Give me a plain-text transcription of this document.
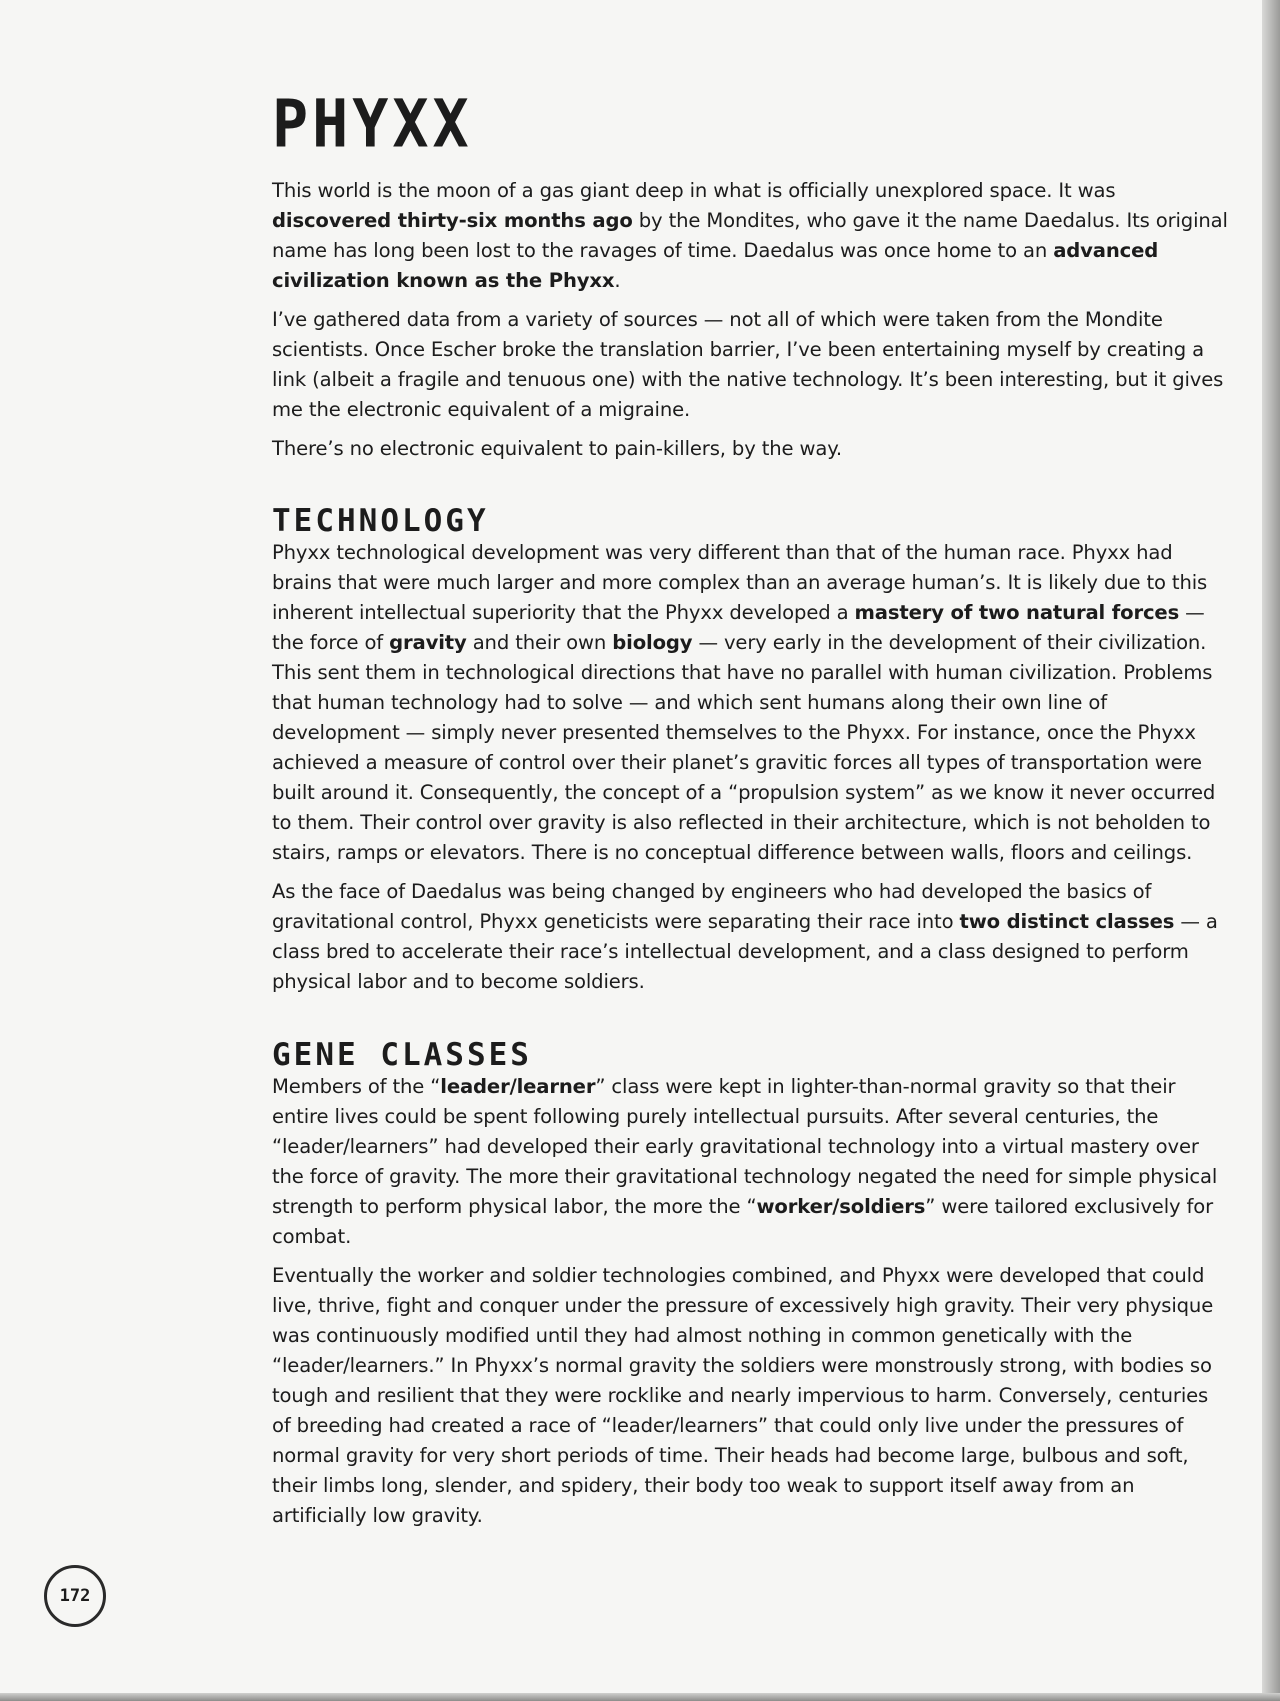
PHYXX

This world is the moon of a gas giant deep in what is officially unexplored space. It was discovered thirty-six months ago by the Mondites, who gave it the name Daedalus. Its original name has long been lost to the ravages of time. Daedalus was once home to an advanced civilization known as the Phyxx.

I’ve gathered data from a variety of sources — not all of which were taken from the Mondite scientists. Once Escher broke the translation barrier, I’ve been entertaining myself by creating a link (albeit a fragile and tenuous one) with the native technology. It’s been interesting, but it gives me the electronic equivalent of a migraine.

There’s no electronic equivalent to pain-killers, by the way.

TECHNOLOGY

Phyxx technological development was very different than that of the human race. Phyxx had brains that were much larger and more complex than an average human’s. It is likely due to this inherent intellectual superiority that the Phyxx developed a mastery of two natural forces — the force of gravity and their own biology — very early in the development of their civilization. This sent them in technological directions that have no parallel with human civilization. Problems that human technology had to solve — and which sent humans along their own line of development — simply never presented themselves to the Phyxx. For instance, once the Phyxx achieved a measure of control over their planet’s gravitic forces all types of transportation were built around it. Consequently, the concept of a “propulsion system” as we know it never occurred to them. Their control over gravity is also reflected in their architecture, which is not beholden to stairs, ramps or elevators. There is no conceptual difference between walls, floors and ceilings.

As the face of Daedalus was being changed by engineers who had developed the basics of gravitational control, Phyxx geneticists were separating their race into two distinct classes — a class bred to accelerate their race’s intellectual development, and a class designed to perform physical labor and to become soldiers.

GENE CLASSES

Members of the “leader/learner” class were kept in lighter-than-normal gravity so that their entire lives could be spent following purely intellectual pursuits. After several centuries, the “leader/learners” had developed their early gravitational technology into a virtual mastery over the force of gravity. The more their gravitational technology negated the need for simple physical strength to perform physical labor, the more the “worker/soldiers” were tailored exclusively for combat.

Eventually the worker and soldier technologies combined, and Phyxx were developed that could live, thrive, fight and conquer under the pressure of excessively high gravity. Their very physique was continuously modified until they had almost nothing in common genetically with the “leader/learners.” In Phyxx’s normal gravity the soldiers were monstrously strong, with bodies so tough and resilient that they were rocklike and nearly impervious to harm. Conversely, centuries of breeding had created a race of “leader/learners” that could only live under the pressures of normal gravity for very short periods of time. Their heads had become large, bulbous and soft, their limbs long, slender, and spidery, their body too weak to support itself away from an artificially low gravity.

172
